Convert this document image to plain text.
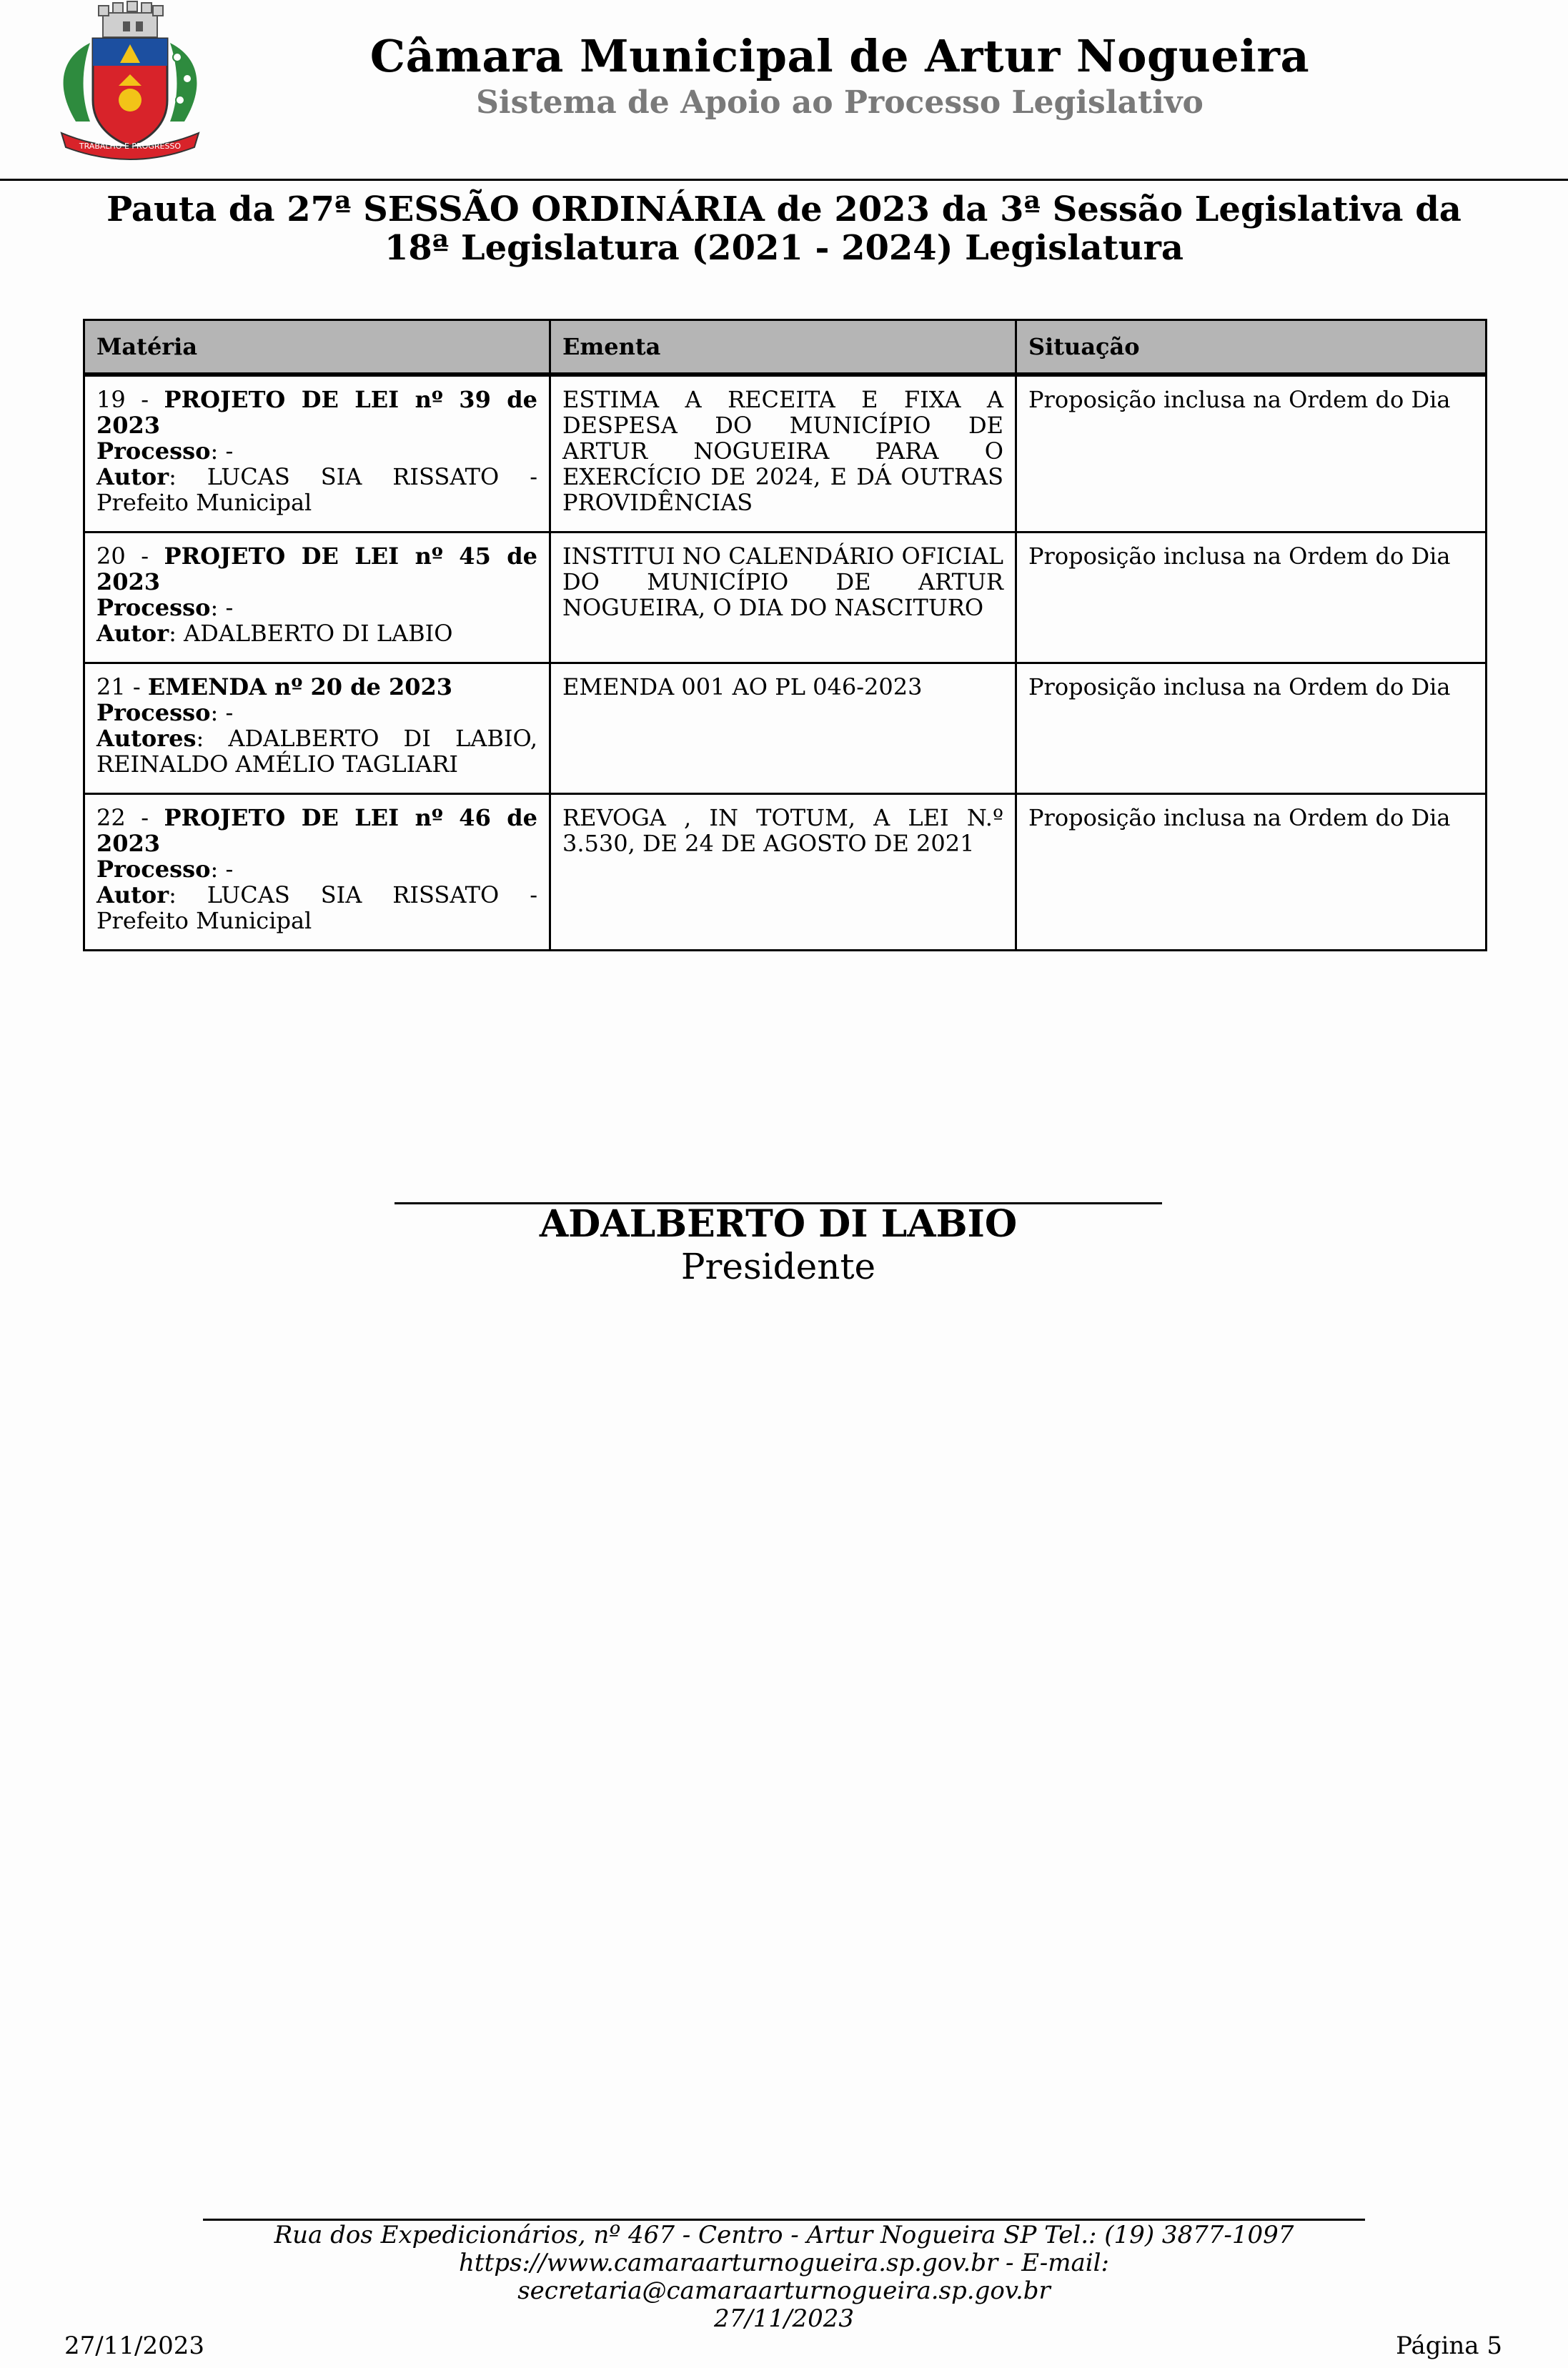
TRABALHO E PROGRESSO
Câmara Municipal de Artur Nogueira
Sistema de Apoio ao Processo Legislativo
Pauta da 27ª SESSÃO ORDINÁRIA de 2023 da 3ª Sessão Legislativa da 18ª Legislatura (2021 - 2024) Legislatura
Matéria	Ementa	Situação
19 - PROJETO DE LEI nº 39 de 2023
Processo: -
Autor: LUCAS SIA RISSATO - Prefeito Municipal	ESTIMA A RECEITA E FIXA A DESPESA DO MUNICÍPIO DE ARTUR NOGUEIRA PARA O EXERCÍCIO DE 2024, E DÁ OUTRAS PROVIDÊNCIAS	Proposição inclusa na Ordem do Dia
20 - PROJETO DE LEI nº 45 de 2023
Processo: -
Autor: ADALBERTO DI LABIO	INSTITUI NO CALENDÁRIO OFICIAL DO MUNICÍPIO DE ARTUR NOGUEIRA, O DIA DO NASCITURO	Proposição inclusa na Ordem do Dia
21 - EMENDA nº 20 de 2023
Processo: -
Autores: ADALBERTO DI LABIO, REINALDO AMÉLIO TAGLIARI	EMENDA 001 AO PL 046-2023	Proposição inclusa na Ordem do Dia
22 - PROJETO DE LEI nº 46 de 2023
Processo: -
Autor: LUCAS SIA RISSATO - Prefeito Municipal	REVOGA , IN TOTUM, A LEI N.º 3.530, DE 24 DE AGOSTO DE 2021	Proposição inclusa na Ordem do Dia
ADALBERTO DI LABIO
Presidente
Rua dos Expedicionários, nº 467 - Centro - Artur Nogueira SP Tel.: (19) 3877-1097 https://www.camaraarturnogueira.sp.gov.br - E-mail: secretaria@camaraarturnogueira.sp.gov.br
27/11/2023
27/11/2023	Página 5
